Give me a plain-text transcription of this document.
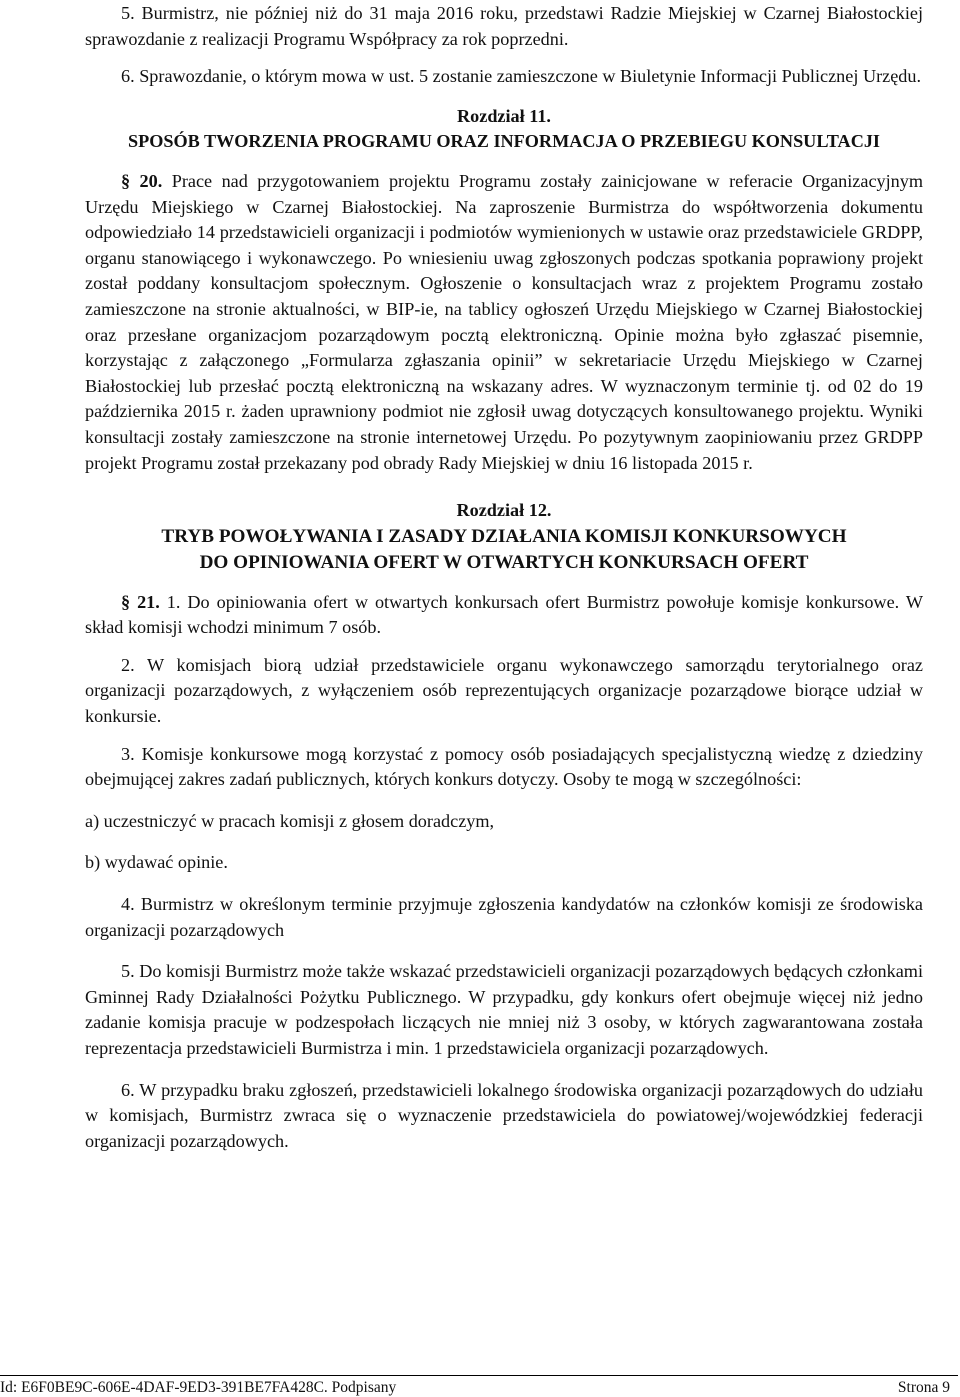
5. Burmistrz, nie później niż do 31 maja 2016 roku, przedstawi Radzie Miejskiej w Czarnej Białostockiej sprawozdanie z realizacji Programu Współpracy za rok poprzedni.

6. Sprawozdanie, o którym mowa w ust. 5 zostanie zamieszczone w Biuletynie Informacji Publicznej Urzędu.

Rozdział 11.

SPOSÓB TWORZENIA PROGRAMU ORAZ INFORMACJA O PRZEBIEGU KONSULTACJI

§ 20. Prace nad przygotowaniem projektu Programu zostały zainicjowane w referacie Organizacyjnym Urzędu Miejskiego w Czarnej Białostockiej. Na zaproszenie Burmistrza do współtworzenia dokumentu odpowiedziało 14 przedstawicieli organizacji i podmiotów wymienionych w ustawie oraz przedstawiciele GRDPP, organu stanowiącego i wykonawczego. Po wniesieniu uwag zgłoszonych podczas spotkania poprawiony projekt został poddany konsultacjom społecznym. Ogłoszenie o konsultacjach wraz z projektem Programu zostało zamieszczone na stronie aktualności, w BIP-ie, na tablicy ogłoszeń Urzędu Miejskiego w Czarnej Białostockiej oraz przesłane organizacjom pozarządowym pocztą elektroniczną. Opinie można było zgłaszać pisemnie, korzystając z załączonego „Formularza zgłaszania opinii” w sekretariacie Urzędu Miejskiego w Czarnej Białostockiej lub przesłać pocztą elektroniczną na wskazany adres. W wyznaczonym terminie tj. od 02 do 19 października 2015 r. żaden uprawniony podmiot nie zgłosił uwag dotyczących konsultowanego projektu. Wyniki konsultacji zostały zamieszczone na stronie internetowej Urzędu. Po pozytywnym zaopiniowaniu przez GRDPP projekt Programu został przekazany pod obrady Rady Miejskiej w dniu 16 listopada 2015 r.

Rozdział 12.

TRYB POWOŁYWANIA I ZASADY DZIAŁANIA KOMISJI KONKURSOWYCH

DO OPINIOWANIA OFERT W OTWARTYCH KONKURSACH OFERT

§ 21. 1. Do opiniowania ofert w otwartych konkursach ofert Burmistrz powołuje komisje konkursowe. W skład komisji wchodzi minimum 7 osób.

2. W komisjach biorą udział przedstawiciele organu wykonawczego samorządu terytorialnego oraz organizacji pozarządowych, z wyłączeniem osób reprezentujących organizacje pozarządowe biorące udział w konkursie.

3. Komisje konkursowe mogą korzystać z pomocy osób posiadających specjalistyczną wiedzę z dziedziny obejmującej zakres zadań publicznych, których konkurs dotyczy. Osoby te mogą w szczególności:

a) uczestniczyć w pracach komisji z głosem doradczym,

b) wydawać opinie.

4. Burmistrz w określonym terminie przyjmuje zgłoszenia kandydatów na członków komisji ze środowiska organizacji pozarządowych

5. Do komisji Burmistrz może także wskazać przedstawicieli organizacji pozarządowych będących członkami Gminnej Rady Działalności Pożytku Publicznego. W przypadku, gdy konkurs ofert obejmuje więcej niż jedno zadanie komisja pracuje w podzespołach liczących nie mniej niż 3 osoby, w których zagwarantowana została reprezentacja przedstawicieli Burmistrza i min. 1 przedstawiciela organizacji pozarządowych.

6. W przypadku braku zgłoszeń, przedstawicieli lokalnego środowiska organizacji pozarządowych do udziału w komisjach, Burmistrz zwraca się o wyznaczenie przedstawiciela do powiatowej/wojewódzkiej federacji organizacji pozarządowych.

Id: E6F0BE9C-606E-4DAF-9ED3-391BE7FA428C. Podpisany	Strona 9
